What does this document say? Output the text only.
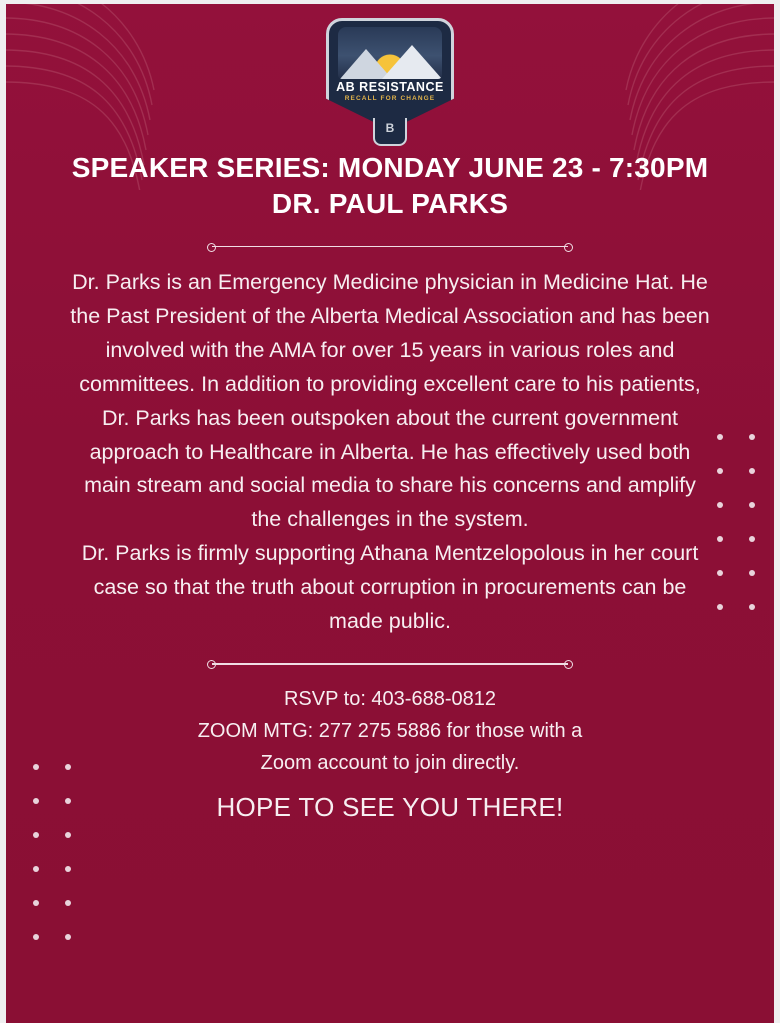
AB RESISTANCE
RECALL FOR CHANGE
B
SPEAKER SERIES: MONDAY JUNE 23 - 7:30PM
DR. PAUL PARKS

Dr. Parks is an Emergency Medicine physician in Medicine Hat. He the Past President of the Alberta Medical Association and has been involved with the AMA for over 15 years in various roles and committees. In addition to providing excellent care to his patients, Dr. Parks has been outspoken about the current government approach to Healthcare in Alberta. He has effectively used both main stream and social media to share his concerns and amplify the challenges in the system.

Dr. Parks is firmly supporting Athana Mentzelopolous in her court case so that the truth about corruption in procurements can be made public.

RSVP to: 403-688-0812
ZOOM MTG: 277 275 5886 for those with a
Zoom account to join directly.
HOPE TO SEE YOU THERE!
